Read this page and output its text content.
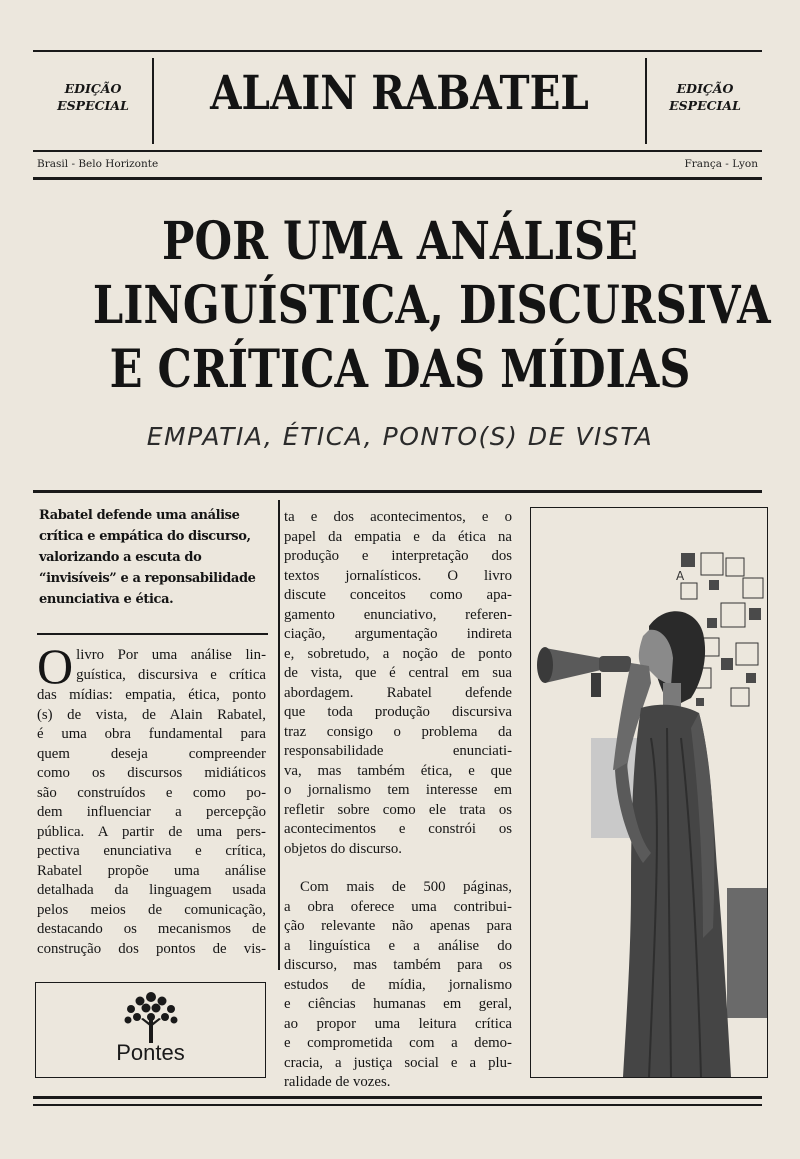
EDIÇÃO
ESPECIAL	ALAIN RABATEL	EDIÇÃO
ESPECIAL
Brasil - Belo Horizonte	França - Lyon
POR UMA ANÁLISE
LINGUÍSTICA, DISCURSIVA
E CRÍTICA DAS MÍDIAS
EMPATIA, ÉTICA, PONTO(S) DE VISTA
Rabatel defende uma análise
crítica e empática do discurso,
valorizando a escuta do
“invisíveis” e a reponsabilidade
enunciativa e ética.
O livro Por uma análise lin-
guística, discursiva e crítica
das mídias: empatia, ética, ponto
(s) de vista, de Alain Rabatel,
é uma obra fundamental para
quem deseja compreender
como os discursos midiáticos
são construídos e como po-
dem influenciar a percepção
pública. A partir de uma pers-
pectiva enunciativa e crítica,
Rabatel propõe uma análise
detalhada da linguagem usada
pelos meios de comunicação,
destacando os mecanismos de
construção dos pontos de vis-
ta e dos acontecimentos, e o
papel da empatia e da ética na
produção e interpretação dos
textos jornalísticos. O livro
discute conceitos como apa-
gamento enunciativo, referen-
ciação, argumentação indireta
e, sobretudo, a noção de ponto
de vista, que é central em sua
abordagem. Rabatel defende
que toda produção discursiva
traz consigo o problema da
responsabilidade enunciati-
va, mas também ética, e que
o jornalismo tem interesse em
refletir sobre como ele trata os
acontecimentos e constrói os
objetos do discurso.
Com mais de 500 páginas,
a obra oferece uma contribui-
ção relevante não apenas para
a linguística e a análise do
discurso, mas também para os
estudos de mídia, jornalismo
e ciências humanas em geral,
ao propor uma leitura crítica
e comprometida com a demo-
cracia, a justiça social e a plu-
ralidade de vozes.
A
Pontes
